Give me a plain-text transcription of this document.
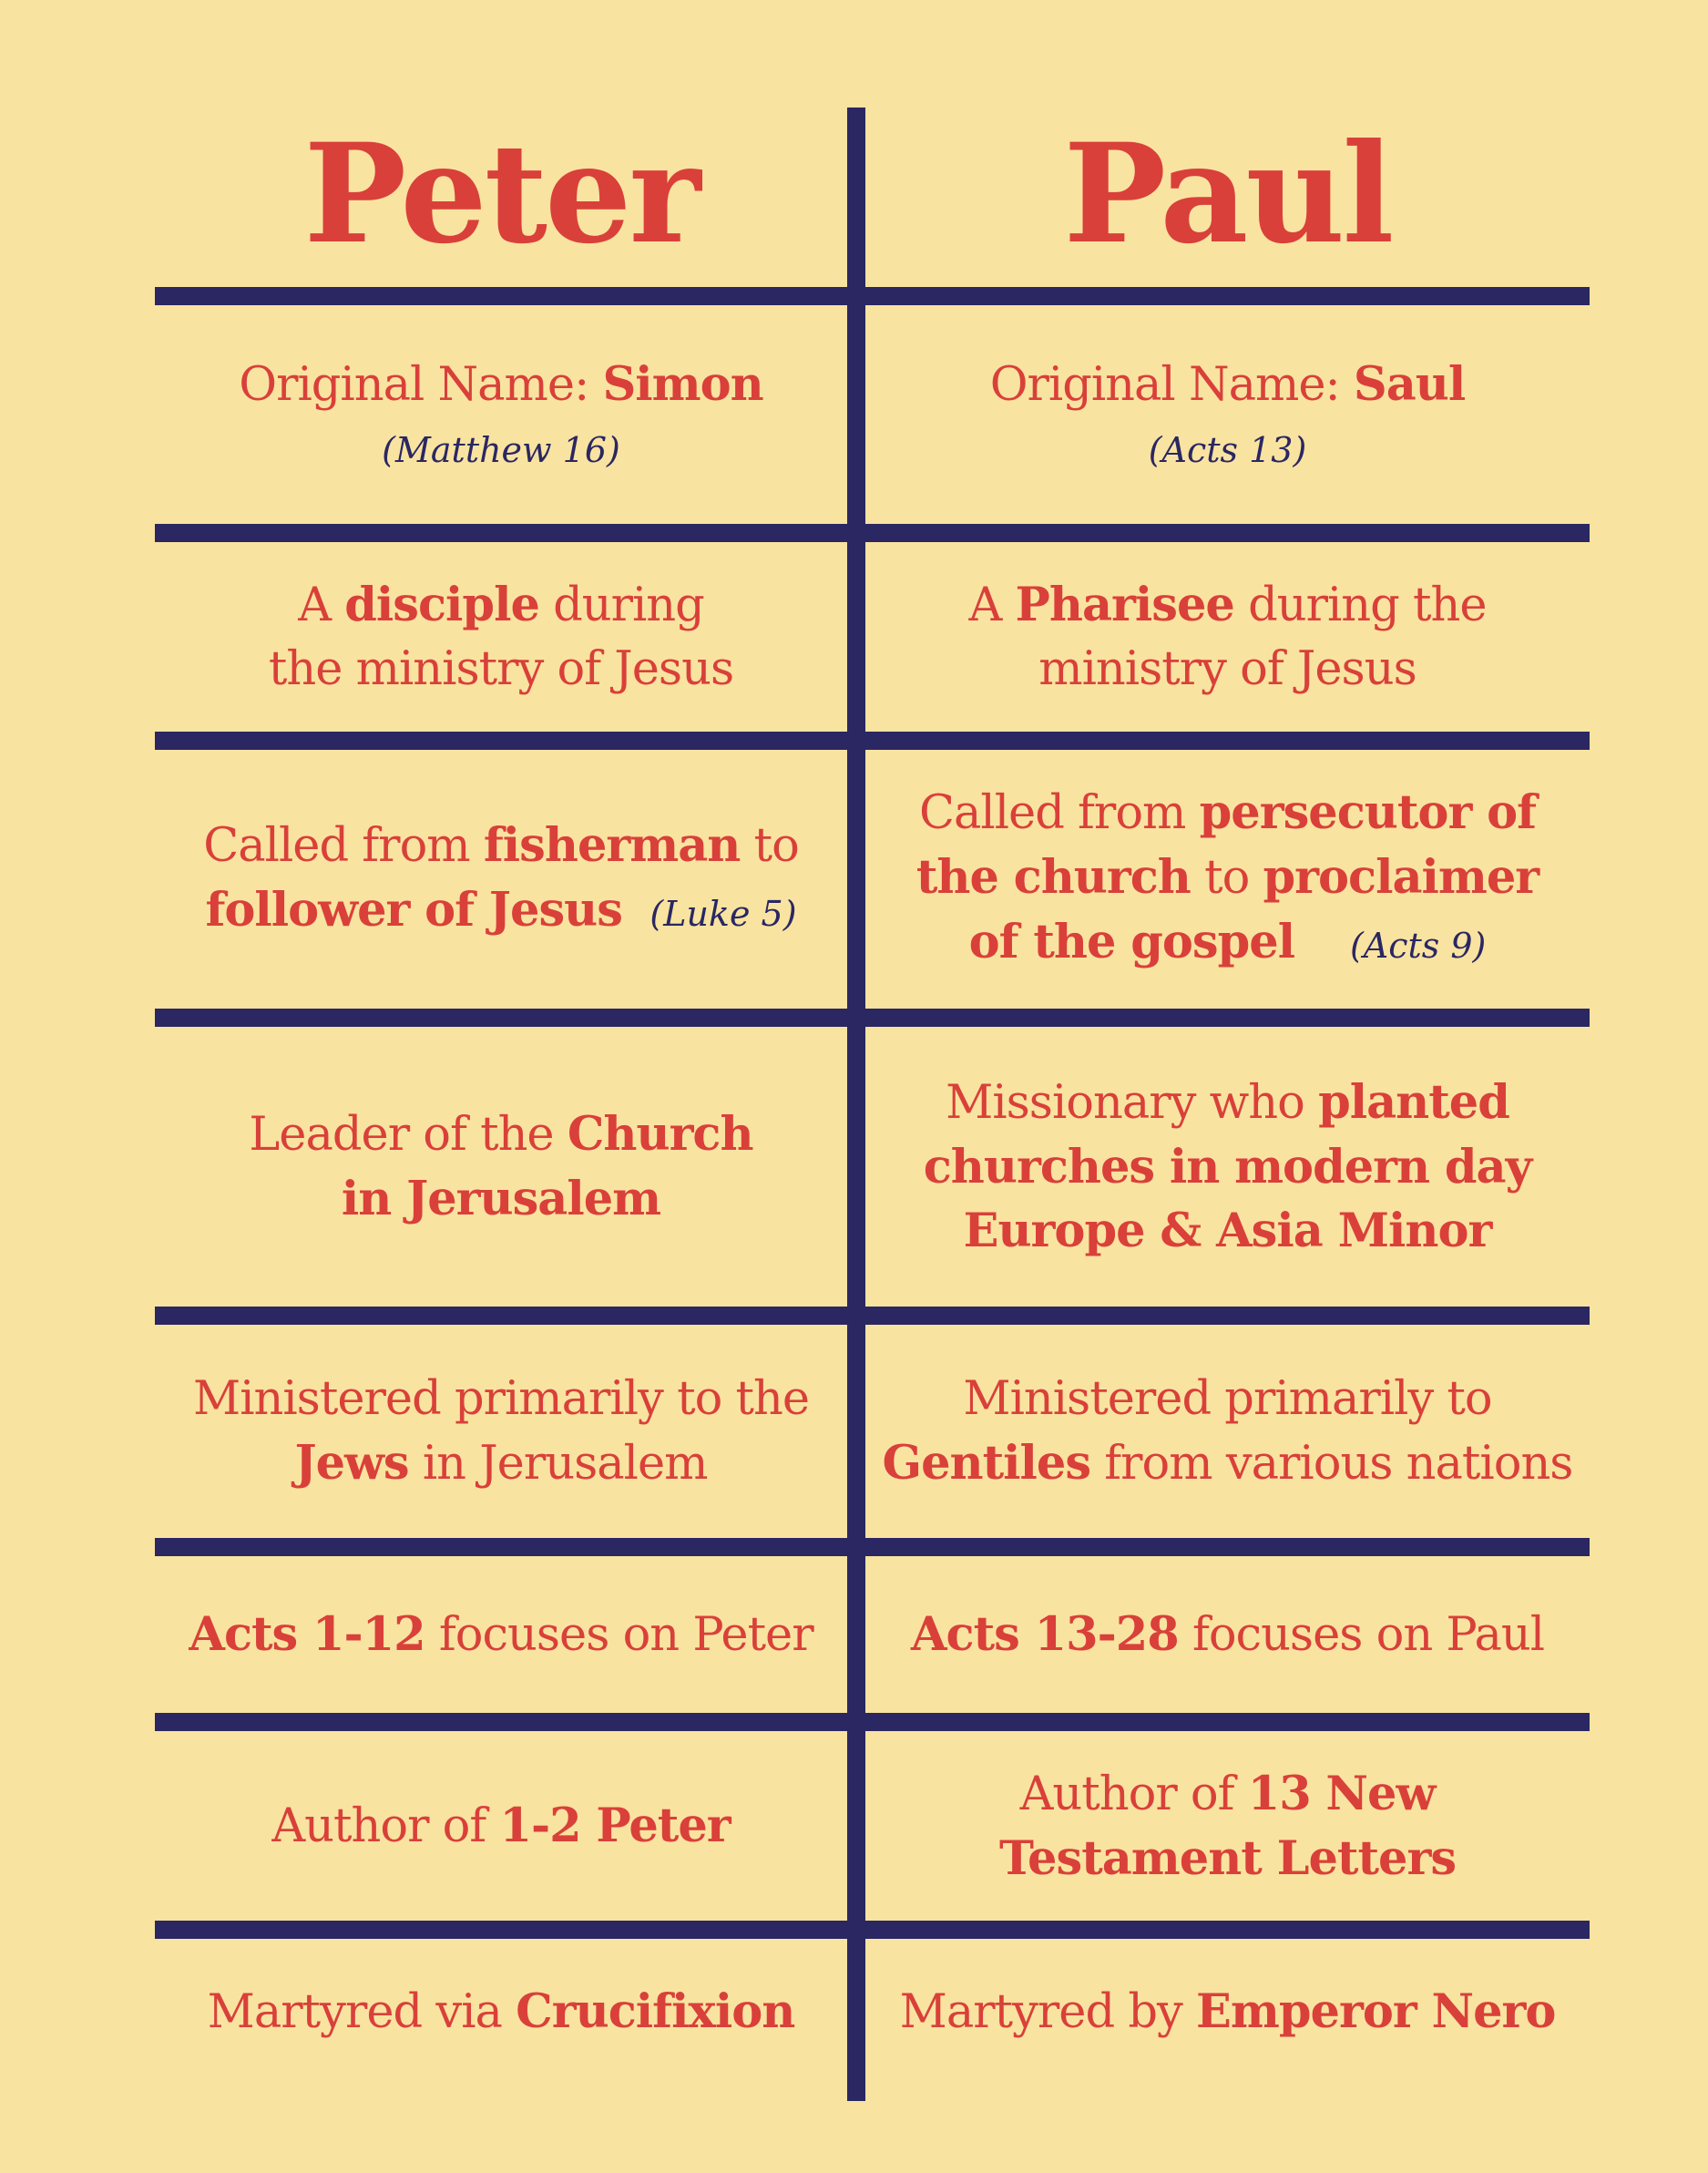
Peter	Paul
Original Name: Simon
(Matthew 16)
Original Name: Saul
(Acts 13)
A disciple during
the ministry of Jesus
A Pharisee during the
ministry of Jesus
Called from fisherman to
follower of Jesus (Luke 5)
Called from persecutor of
the church to proclaimer
of the gospel (Acts 9)
Leader of the Church
in Jerusalem
Missionary who planted
churches in modern day
Europe & Asia Minor
Ministered primarily to the
Jews in Jerusalem
Ministered primarily to
Gentiles from various nations
Acts 1-12 focuses on Peter Acts 13-28 focuses on Paul
Author of 1-2 Peter
Author of 13 New
Testament Letters
Martyred via Crucifixion Martyred by Emperor Nero
